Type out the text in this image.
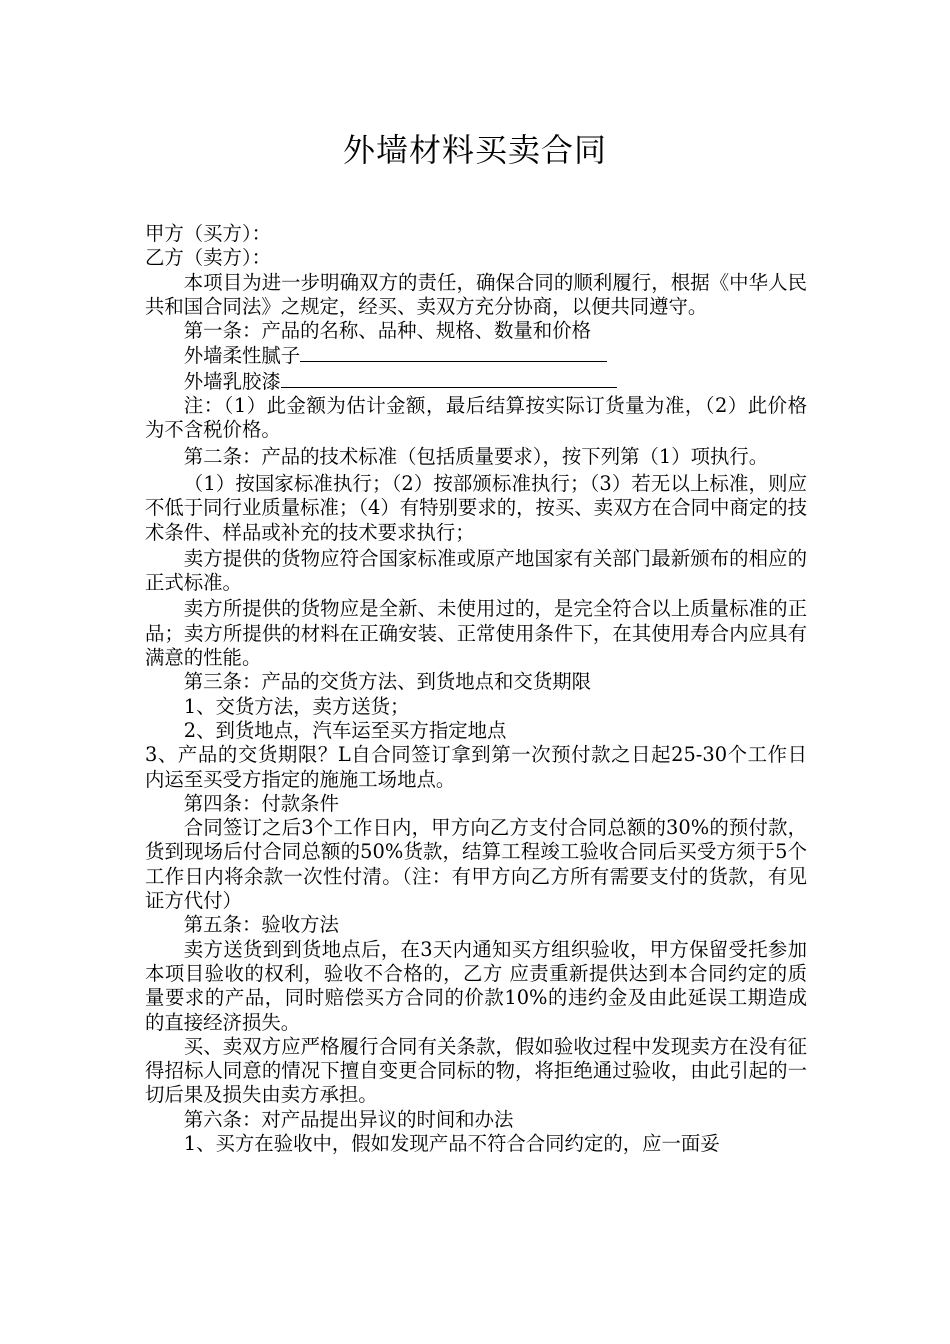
外墙材料买卖合同

甲方（买方）：

乙方（卖方）：

本项目为进一步明确双方的责任，确保合同的顺利履行，根据《中华人民共和国合同法》之规定，经买、卖双方充分协商，以便共同遵守。

第一条：产品的名称、品种、规格、数量和价格

外墙柔性腻子

外墙乳胶漆

注：（1）此金额为估计金额，最后结算按实际订货量为准，（2）此价格为不含税价格。

第二条：产品的技术标准（包括质量要求），按下列第（1）项执行。

（1）按国家标准执行；（2）按部颁标准执行；（3）若无以上标准，则应不低于同行业质量标准；（4）有特别要求的，按买、卖双方在合同中商定的技术条件、样品或补充的技术要求执行；

卖方提供的货物应符合国家标准或原产地国家有关部门最新颁布的相应的正式标准。

卖方所提供的货物应是全新、未使用过的，是完全符合以上质量标准的正品；卖方所提供的材料在正确安装、正常使用条件下，在其使用寿合内应具有满意的性能。

第三条：产品的交货方法、到货地点和交货期限

1、交货方法，卖方送货；

2、到货地点，汽车运至买方指定地点

3、产品的交货期限？L自合同签订拿到第一次预付款之日起25-30个工作日内运至买受方指定的施施工场地点。

第四条：付款条件

合同签订之后3个工作日内，甲方向乙方支付合同总额的30%的预付款，货到现场后付合同总额的50%货款，结算工程竣工验收合同后买受方须于5个工作日内将余款一次性付清。（注：有甲方向乙方所有需要支付的货款，有见证方代付）

第五条：验收方法

卖方送货到到货地点后，在3天内通知买方组织验收，甲方保留受托参加本项目验收的权利，验收不合格的，乙方 应责重新提供达到本合同约定的质量要求的产品，同时赔偿买方合同的价款10%的违约金及由此延误工期造成的直接经济损失。

买、卖双方应严格履行合同有关条款，假如验收过程中发现卖方在没有征得招标人同意的情况下擅自变更合同标的物，将拒绝通过验收，由此引起的一切后果及损失由卖方承担。

第六条：对产品提出异议的时间和办法

1、买方在验收中，假如发现产品不符合合同约定的，应一面妥
